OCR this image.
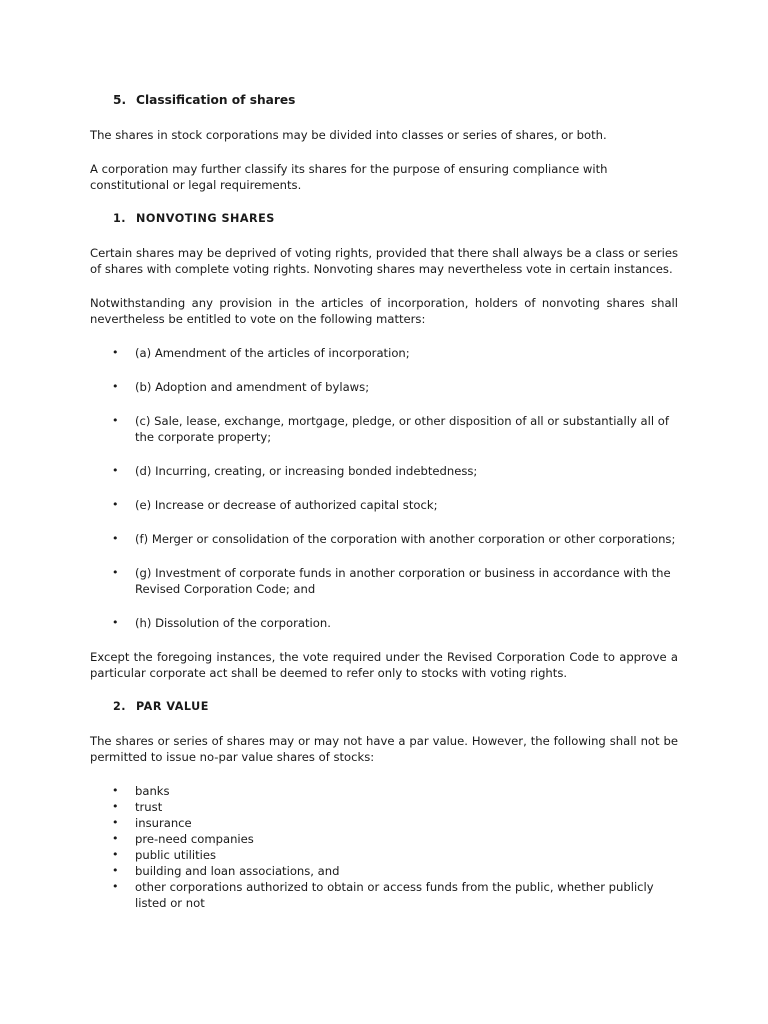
5. Classification of shares

The shares in stock corporations may be divided into classes or series of shares, or both.

A corporation may further classify its shares for the purpose of ensuring compliance with constitutional or legal requirements.

1. NONVOTING SHARES

Certain shares may be deprived of voting rights, provided that there shall always be a class or series of shares with complete voting rights. Nonvoting shares may nevertheless vote in certain instances.

Notwithstanding any provision in the articles of incorporation, holders of nonvoting shares shall nevertheless be entitled to vote on the following matters:

• (a) Amendment of the articles of incorporation;
• (b) Adoption and amendment of bylaws;
• (c) Sale, lease, exchange, mortgage, pledge, or other disposition of all or substantially all of the corporate property;
• (d) Incurring, creating, or increasing bonded indebtedness;
• (e) Increase or decrease of authorized capital stock;
• (f) Merger or consolidation of the corporation with another corporation or other corporations;
• (g) Investment of corporate funds in another corporation or business in accordance with the Revised Corporation Code; and
• (h) Dissolution of the corporation.

Except the foregoing instances, the vote required under the Revised Corporation Code to approve a particular corporate act shall be deemed to refer only to stocks with voting rights.

2. PAR VALUE

The shares or series of shares may or may not have a par value. However, the following shall not be permitted to issue no-par value shares of stocks:

• banks
• trust
• insurance
• pre-need companies
• public utilities
• building and loan associations, and
• other corporations authorized to obtain or access funds from the public, whether publicly listed or not
